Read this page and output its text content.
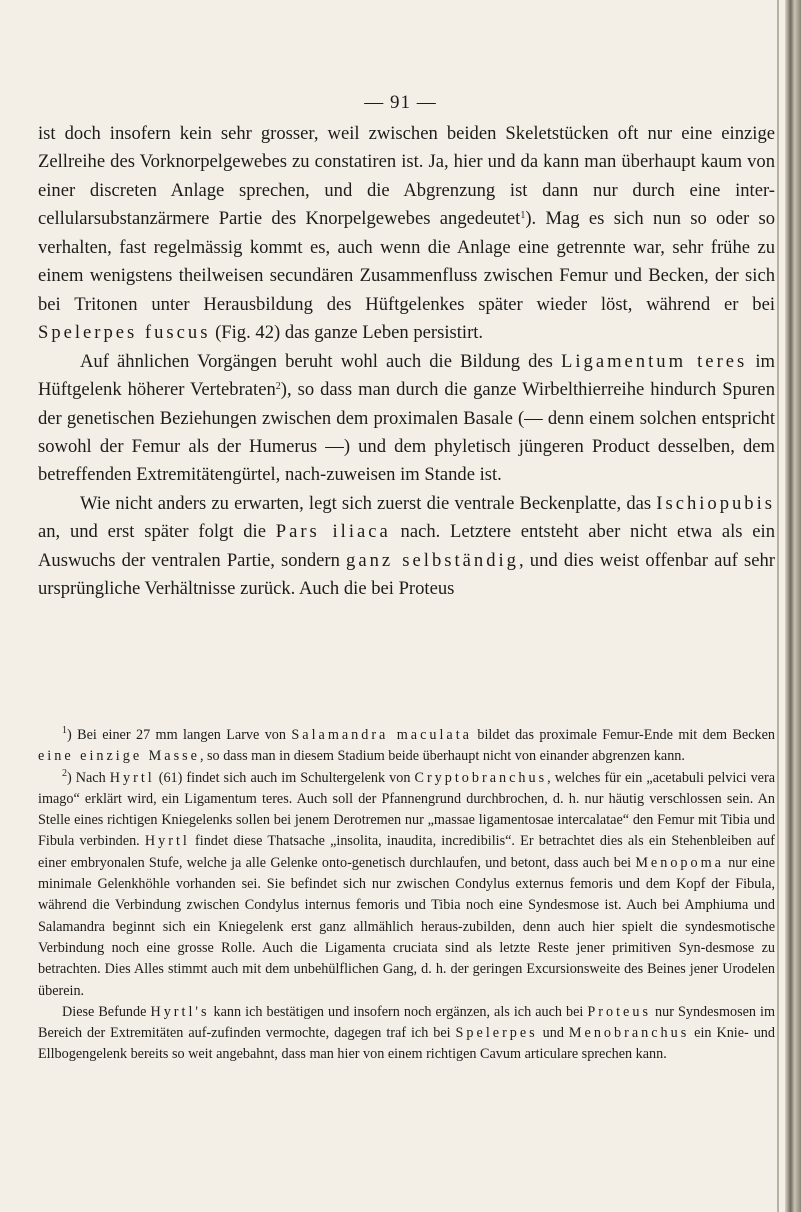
— 91 —

ist doch insofern kein sehr grosser, weil zwischen beiden Skeletstücken oft nur eine einzige Zellreihe des Vorknorpelgewebes zu constatiren ist. Ja, hier und da kann man überhaupt kaum von einer discreten Anlage sprechen, und die Abgrenzung ist dann nur durch eine inter-cellularsubstanzärmere Partie des Knorpelgewebes angedeutet$^1$). Mag es sich nun so oder so verhalten, fast regelmässig kommt es, auch wenn die Anlage eine getrennte war, sehr frühe zu einem wenigstens theilweisen secundären Zusammenfluss zwischen Femur und Becken, der sich bei Tritonen unter Herausbildung des Hüftgelenkes später wieder löst, während er bei Spelerpes fuscus (Fig. 42) das ganze Leben persistirt.

Auf ähnlichen Vorgängen beruht wohl auch die Bildung des Ligamentum teres im Hüftgelenk höherer Vertebraten$^2$), so dass man durch die ganze Wirbelthierreihe hindurch Spuren der genetischen Beziehungen zwischen dem proximalen Basale (— denn einem solchen entspricht sowohl der Femur als der Humerus —) und dem phyletisch jüngeren Product desselben, dem betreffenden Extremitätengürtel, nach-zuweisen im Stande ist.

Wie nicht anders zu erwarten, legt sich zuerst die ventrale Beckenplatte, das Ischiopubis an, und erst später folgt die Pars iliaca nach. Letztere entsteht aber nicht etwa als ein Auswuchs der ventralen Partie, sondern ganz selbständig, und dies weist offenbar auf sehr ursprüngliche Verhältnisse zurück. Auch die bei Proteus

$^1$) Bei einer 27 mm langen Larve von Salamandra maculata bildet das proximale Femur-Ende mit dem Becken eine einzige Masse, so dass man in diesem Stadium beide überhaupt nicht von einander abgrenzen kann.

$^2$) Nach Hyrtl (61) findet sich auch im Schultergelenk von Cryptobranchus, welches für ein „acetabuli pelvici vera imago“ erklärt wird, ein Ligamentum teres. Auch soll der Pfannengrund durchbrochen, d. h. nur häutig verschlossen sein. An Stelle eines richtigen Kniegelenks sollen bei jenem Derotremen nur „massae ligamentosae intercalatae“ den Femur mit Tibia und Fibula verbinden. Hyrtl findet diese Thatsache „insolita, inaudita, incredibilis“. Er betrachtet dies als ein Stehenbleiben auf einer embryonalen Stufe, welche ja alle Gelenke onto-genetisch durchlaufen, und betont, dass auch bei Menopoma nur eine minimale Gelenkhöhle vorhanden sei. Sie befindet sich nur zwischen Condylus externus femoris und dem Kopf der Fibula, während die Verbindung zwischen Condylus internus femoris und Tibia noch eine Syndesmose ist. Auch bei Amphiuma und Salamandra beginnt sich ein Kniegelenk erst ganz allmählich heraus-zubilden, denn auch hier spielt die syndesmotische Verbindung noch eine grosse Rolle. Auch die Ligamenta cruciata sind als letzte Reste jener primitiven Syn-desmose zu betrachten. Dies Alles stimmt auch mit dem unbehülflichen Gang, d. h. der geringen Excursionsweite des Beines jener Urodelen überein.

Diese Befunde Hyrtl's kann ich bestätigen und insofern noch ergänzen, als ich auch bei Proteus nur Syndesmosen im Bereich der Extremitäten auf-zufinden vermochte, dagegen traf ich bei Spelerpes und Menobranchus ein Knie- und Ellbogengelenk bereits so weit angebahnt, dass man hier von einem richtigen Cavum articulare sprechen kann.
